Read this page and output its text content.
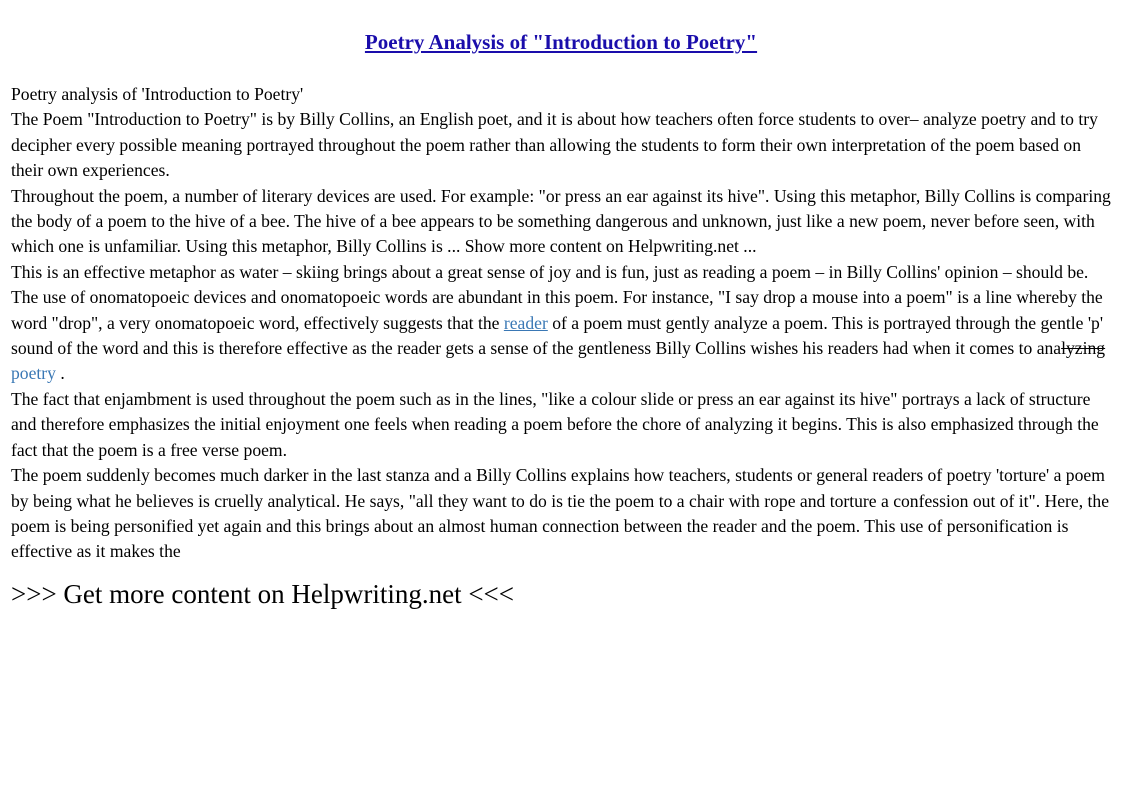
Poetry Analysis of "Introduction to Poetry"

Poetry analysis of 'Introduction to Poetry'

The Poem "Introduction to Poetry" is by Billy Collins, an English poet, and it is about how teachers often force students to over– analyze poetry and to try decipher every possible meaning portrayed throughout the poem rather than allowing the students to form their own interpretation of the poem based on their own experiences.

Throughout the poem, a number of literary devices are used. For example: "or press an ear against its hive". Using this metaphor, Billy Collins is comparing the body of a poem to the hive of a bee. The hive of a bee appears to be something dangerous and unknown, just like a new poem, never before seen, with which one is unfamiliar. Using this metaphor, Billy Collins is ... Show more content on Helpwriting.net ...

This is an effective metaphor as water – skiing brings about a great sense of joy and is fun, just as reading a poem – in Billy Collins' opinion – should be.

The use of onomatopoeic devices and onomatopoeic words are abundant in this poem. For instance, "I say drop a mouse into a poem" is a line whereby the word "drop", a very onomatopoeic word, effectively suggests that the reader of a poem must gently analyze a poem. This is portrayed through the gentle 'p' sound of the word and this is therefore effective as the reader gets a sense of the gentleness Billy Collins wishes his readers had when it comes to analyzing poetry .

The fact that enjambment is used throughout the poem such as in the lines, "like a colour slide or press an ear against its hive" portrays a lack of structure and therefore emphasizes the initial enjoyment one feels when reading a poem before the chore of analyzing it begins. This is also emphasized through the fact that the poem is a free verse poem.

The poem suddenly becomes much darker in the last stanza and a Billy Collins explains how teachers, students or general readers of poetry 'torture' a poem by being what he believes is cruelly analytical. He says, "all they want to do is tie the poem to a chair with rope and torture a confession out of it". Here, the poem is being personified yet again and this brings about an almost human connection between the reader and the poem. This use of personification is effective as it makes the

>>> Get more content on Helpwriting.net <<<
